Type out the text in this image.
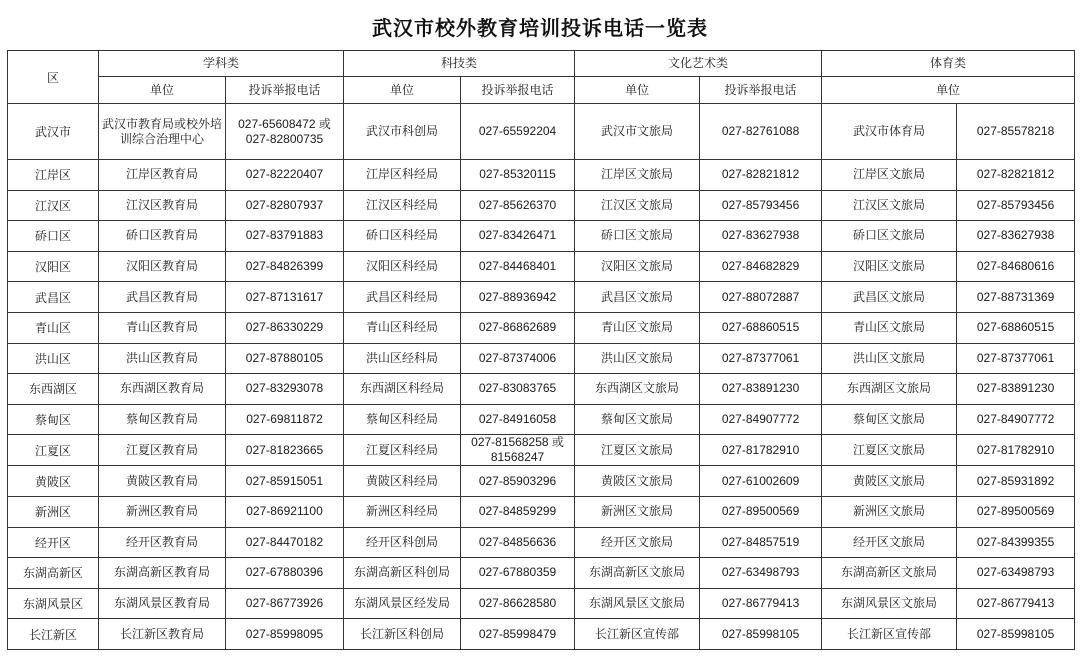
武汉市校外教育培训投诉电话一览表
区	学科类		科技类		文化艺术类		体育类	
	单位	投诉举报电话	单位	投诉举报电话	单位	投诉举报电话	单位	
武汉市	武汉市教育局或校外培训综合治理中心	027-65608472 或 027-82800735	武汉市科创局	027-65592204	武汉市文旅局	027-82761088	武汉市体育局	027-85578218
江岸区	江岸区教育局	027-82220407	江岸区科经局	027-85320115	江岸区文旅局	027-82821812	江岸区文旅局	027-82821812
江汉区	江汉区教育局	027-82807937	江汉区科经局	027-85626370	江汉区文旅局	027-85793456	江汉区文旅局	027-85793456
硚口区	硚口区教育局	027-83791883	硚口区科经局	027-83426471	硚口区文旅局	027-83627938	硚口区文旅局	027-83627938
汉阳区	汉阳区教育局	027-84826399	汉阳区科经局	027-84468401	汉阳区文旅局	027-84682829	汉阳区文旅局	027-84680616
武昌区	武昌区教育局	027-87131617	武昌区科经局	027-88936942	武昌区文旅局	027-88072887	武昌区文旅局	027-88731369
青山区	青山区教育局	027-86330229	青山区科经局	027-86862689	青山区文旅局	027-68860515	青山区文旅局	027-68860515
洪山区	洪山区教育局	027-87880105	洪山区经科局	027-87374006	洪山区文旅局	027-87377061	洪山区文旅局	027-87377061
东西湖区	东西湖区教育局	027-83293078	东西湖区科经局	027-83083765	东西湖区文旅局	027-83891230	东西湖区文旅局	027-83891230
蔡甸区	蔡甸区教育局	027-69811872	蔡甸区科经局	027-84916058	蔡甸区文旅局	027-84907772	蔡甸区文旅局	027-84907772
江夏区	江夏区教育局	027-81823665	江夏区科经局	027-81568258 或 81568247	江夏区文旅局	027-81782910	江夏区文旅局	027-81782910
黄陂区	黄陂区教育局	027-85915051	黄陂区科经局	027-85903296	黄陂区文旅局	027-61002609	黄陂区文旅局	027-85931892
新洲区	新洲区教育局	027-86921100	新洲区科经局	027-84859299	新洲区文旅局	027-89500569	新洲区文旅局	027-89500569
经开区	经开区教育局	027-84470182	经开区科创局	027-84856636	经开区文旅局	027-84857519	经开区文旅局	027-84399355
东湖高新区	东湖高新区教育局	027-67880396	东湖高新区科创局	027-67880359	东湖高新区文旅局	027-63498793	东湖高新区文旅局	027-63498793
东湖风景区	东湖风景区教育局	027-86773926	东湖风景区经发局	027-86628580	东湖风景区文旅局	027-86779413	东湖风景区文旅局	027-86779413
长江新区	长江新区教育局	027-85998095	长江新区科创局	027-85998479	长江新区宣传部	027-85998105	长江新区宣传部	027-85998105
